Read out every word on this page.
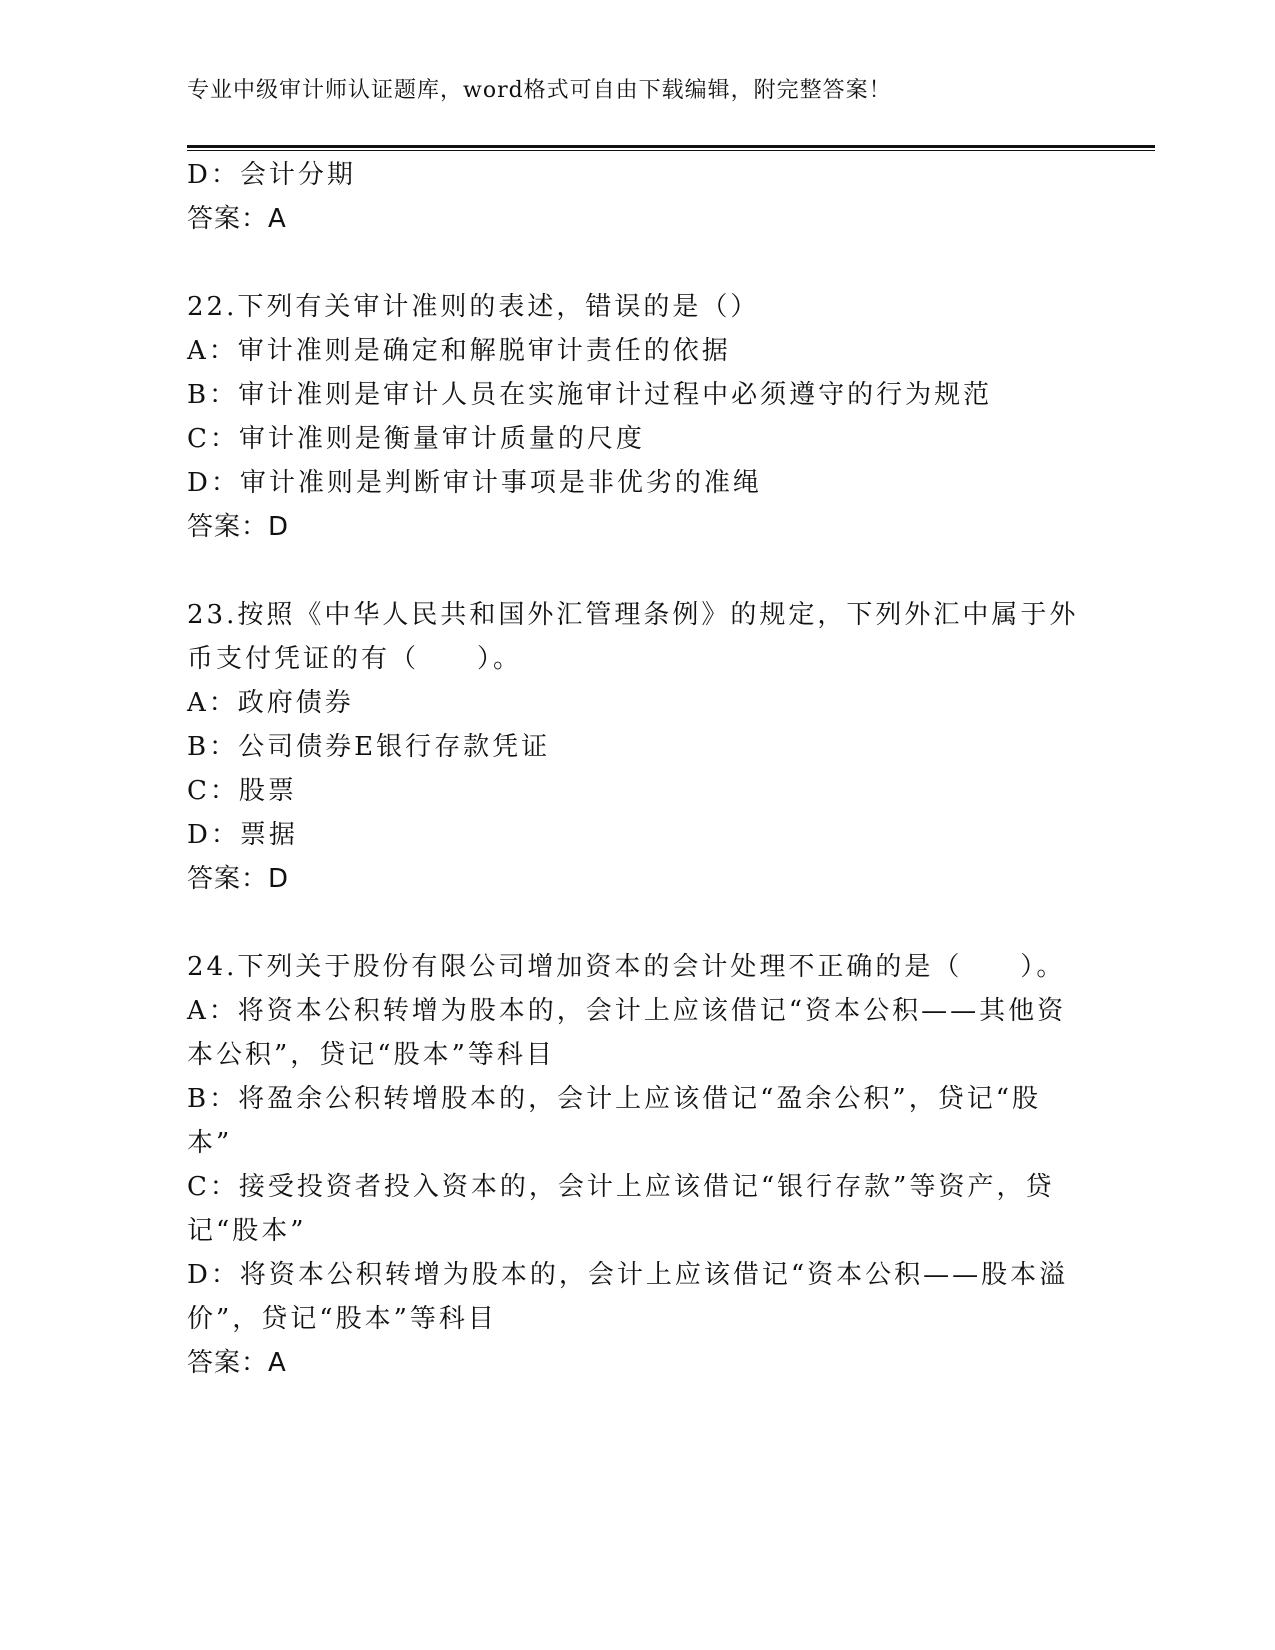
专业中级审计师认证题库，word格式可自由下载编辑，附完整答案！
D：会计分期
答案：A
22.下列有关审计准则的表述，错误的是（）
A：审计准则是确定和解脱审计责任的依据
B：审计准则是审计人员在实施审计过程中必须遵守的行为规范
C：审计准则是衡量审计质量的尺度
D：审计准则是判断审计事项是非优劣的准绳
答案：D
23.按照《中华人民共和国外汇管理条例》的规定，下列外汇中属于外
币支付凭证的有（　　）。
A：政府债券
B：公司债券E银行存款凭证
C：股票
D：票据
答案：D
24.下列关于股份有限公司增加资本的会计处理不正确的是（　　）。
A：将资本公积转增为股本的，会计上应该借记“资本公积——其他资
本公积”，贷记“股本”等科目
B：将盈余公积转增股本的，会计上应该借记“盈余公积”，贷记“股
本”
C：接受投资者投入资本的，会计上应该借记“银行存款”等资产，贷
记“股本”
D：将资本公积转增为股本的，会计上应该借记“资本公积——股本溢
价”，贷记“股本”等科目
答案：A
